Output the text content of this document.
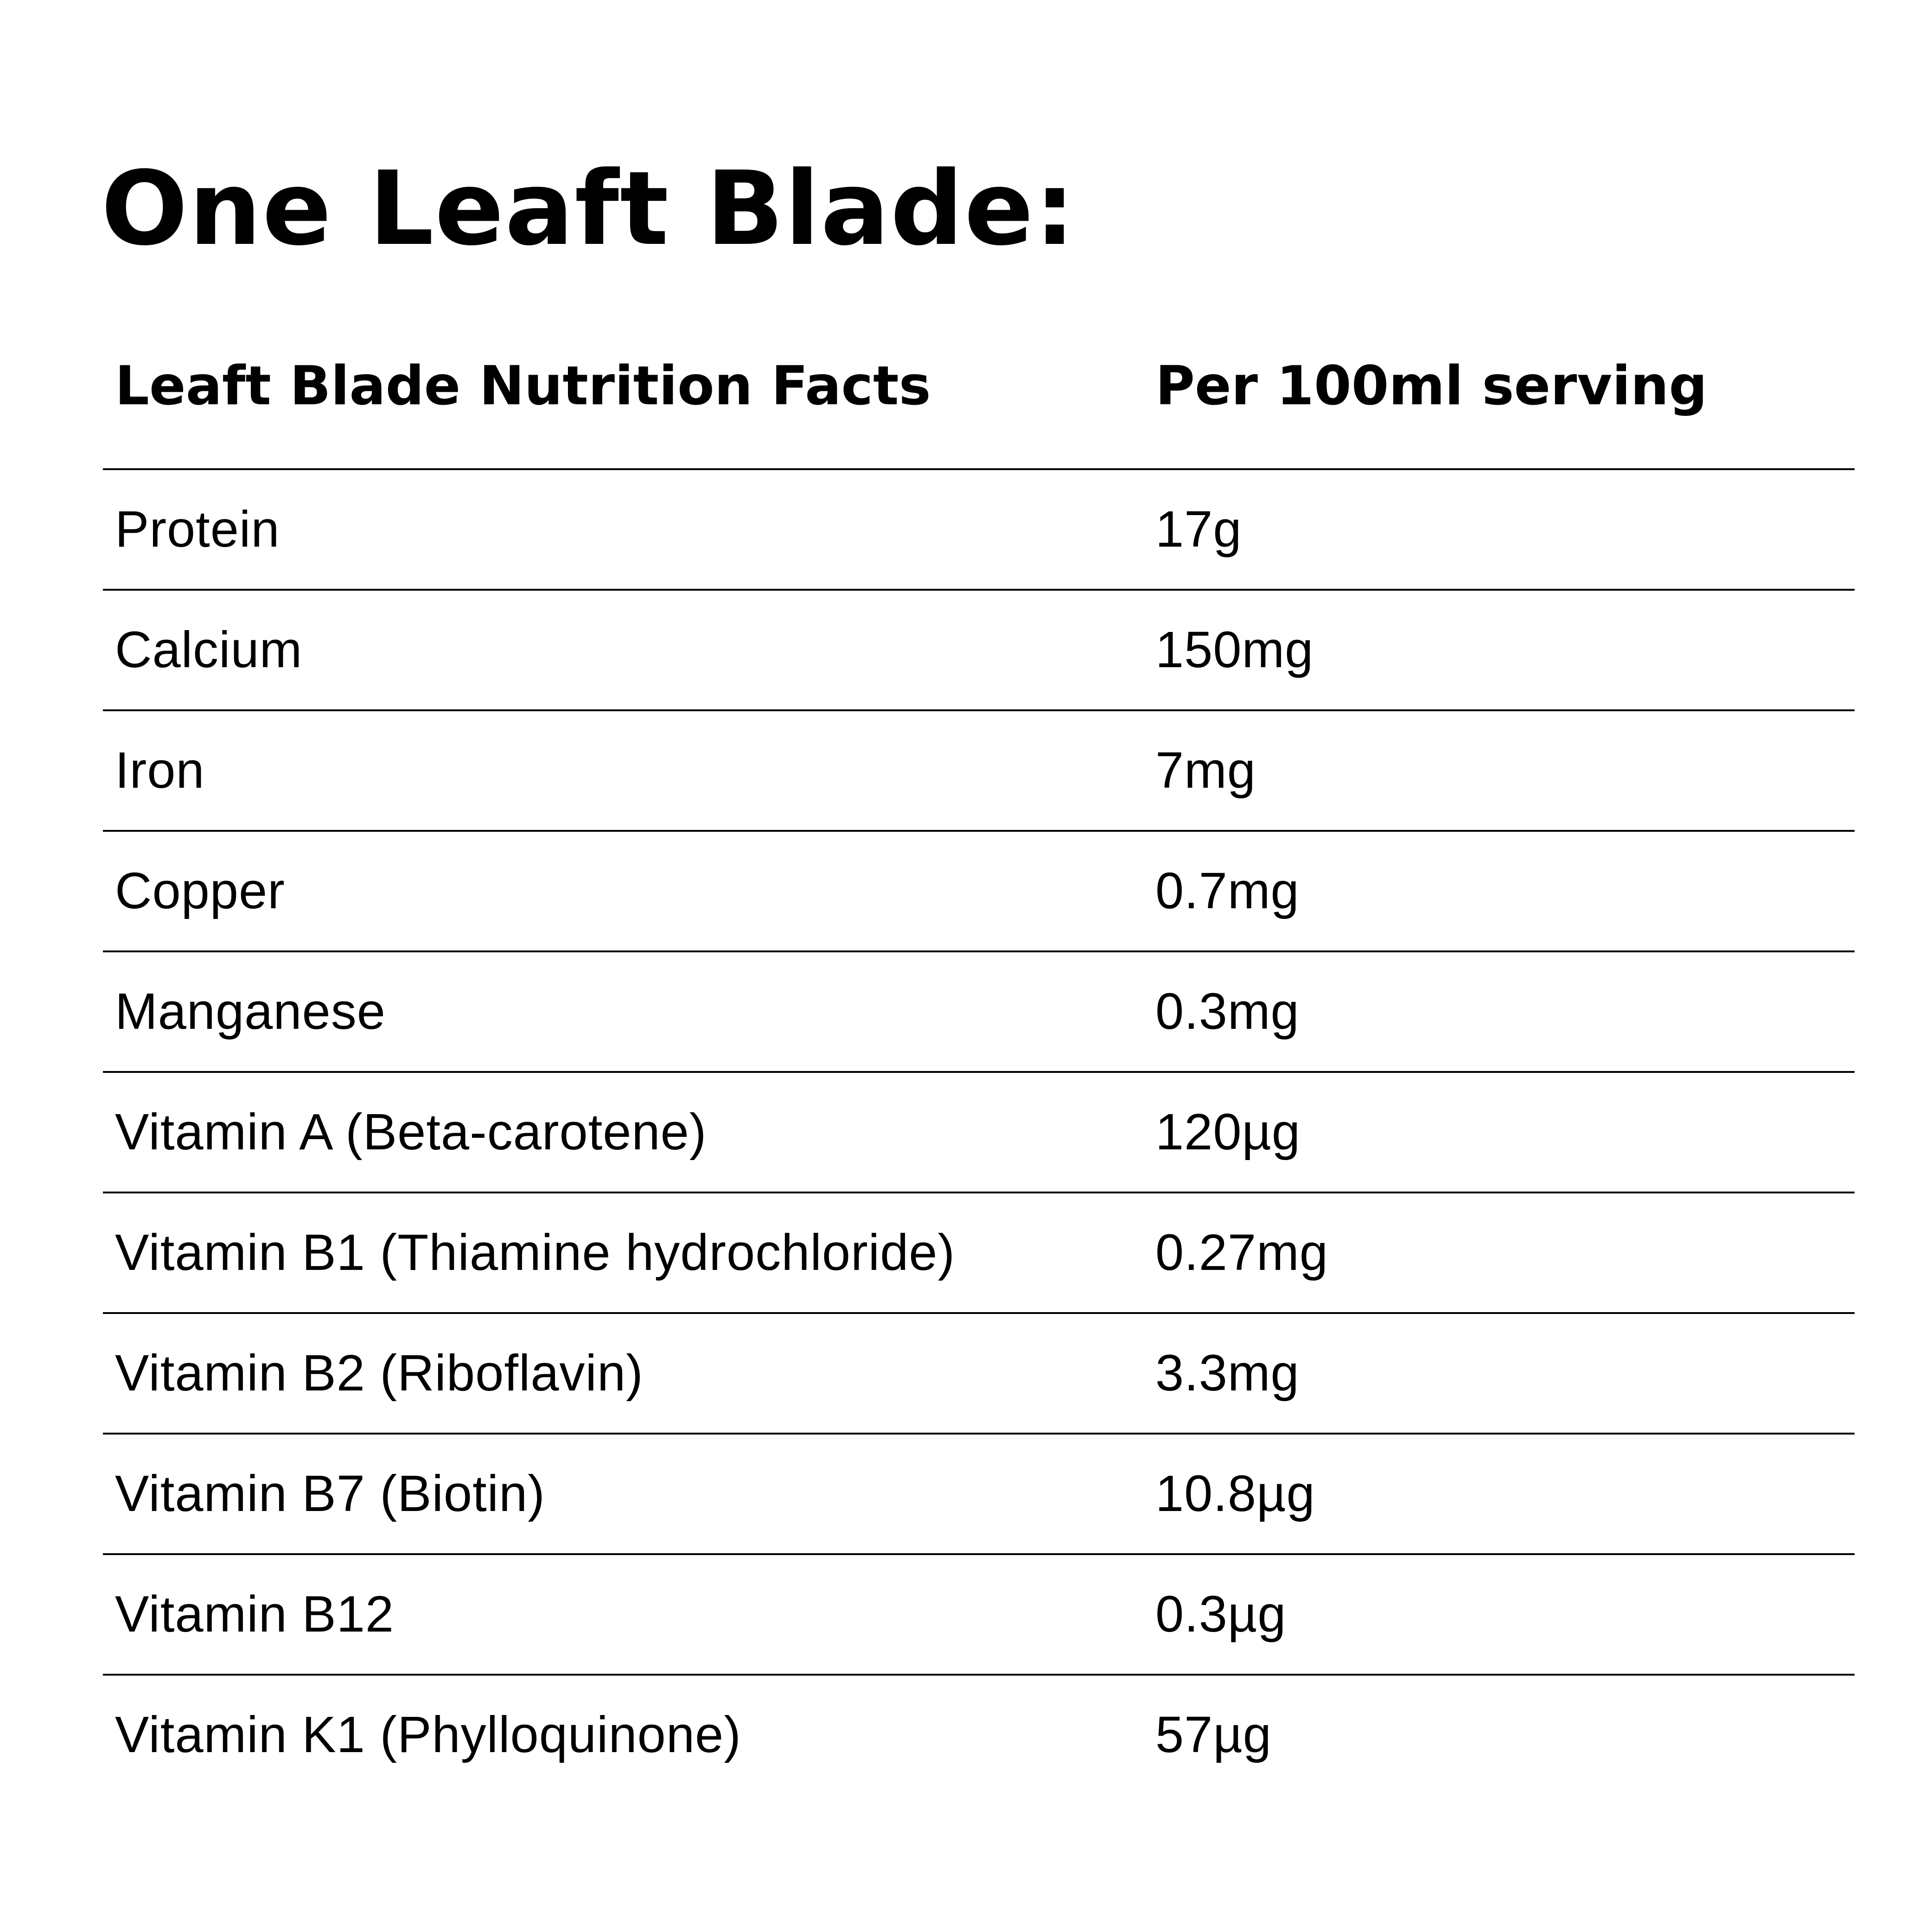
One Leaft Blade:
Leaft Blade Nutrition Facts	Per 100ml serving
Protein	17g
Calcium	150mg
Iron	7mg
Copper	0.7mg
Manganese	0.3mg
Vitamin A (Beta-carotene)	120µg
Vitamin B1 (Thiamine hydrochloride)	0.27mg
Vitamin B2 (Riboflavin)	3.3mg
Vitamin B7 (Biotin)	10.8µg
Vitamin B12	0.3µg
Vitamin K1 (Phylloquinone)	57µg
